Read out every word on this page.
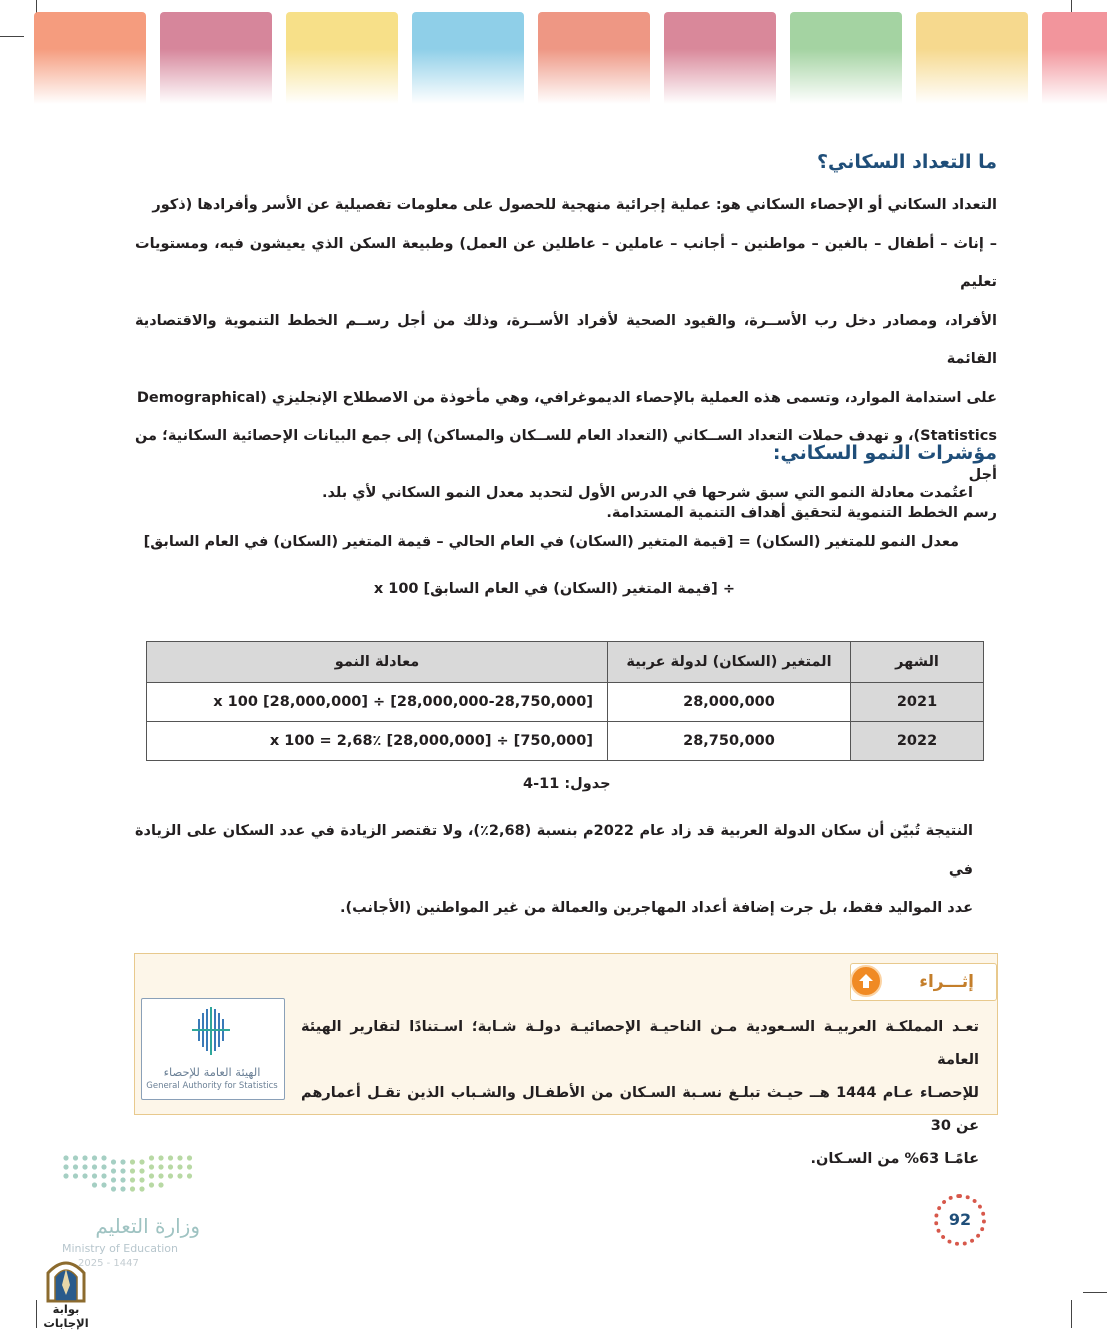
ما التعداد السكاني؟

التعداد السكاني أو الإحصاء السكاني هو: عملية إجرائية منهجية للحصول على معلومات تفصيلية عن الأسر وأفرادها (ذكور
– إناث – أطفال – بالغين – مواطنين – أجانب – عاملين – عاطلين عن العمل) وطبيعة السكن الذي يعيشون فيه، ومستويات تعليم
الأفراد، ومصادر دخل رب الأســرة، والقيود الصحية لأفراد الأســرة، وذلك من أجل رســم الخطط التنموية والاقتصادية القائمة
على استدامة الموارد، وتسمى هذه العملية بالإحصاء الديموغرافي، وهي مأخوذة من الاصطلاح الإنجليزي (Demographical
Statistics)، و تهدف حملات التعداد الســكاني (التعداد العام للســكان والمساكن) إلى جمع البيانات الإحصائية السكانية؛ من أجل
رسم الخطط التنموية لتحقيق أهداف التنمية المستدامة.

مؤشرات النمو السكاني:
اعتُمدت معادلة النمو التي سبق شرحها في الدرس الأول لتحديد معدل النمو السكاني لأي بلد.
معدل النمو للمتغير (السكان) = [قيمة المتغير (السكان) في العام الحالي – قيمة المتغير (السكان) في العام السابق]
÷ [قيمة المتغير (السكان) في العام السابق] x 100
الشهر	المتغير (السكان) لدولة عربية	معادلة النمو
2021	28,000,000	[28,000,000-28,750,000] ÷ [28,000,000] x 100
2022	28,750,000	[750,000] ÷ [28,000,000] x 100 = 2,68٪
جدول: 11-4

النتيجة تُبيّن أن سكان الدولة العربية قد زاد عام 2022م بنسبة (2,68٪)، ولا تقتصر الزيادة في عدد السكان على الزيادة في
عدد المواليد فقط، بل جرت إضافة أعداد المهاجرين والعمالة من غير المواطنين (الأجانب).

إثـــراء

تعـد المملكـة العربيـة السـعودية مـن الناحيـة الإحصائيـة دولـة شـابة؛ اسـتنادًا لتقارير الهيئة العامة
للإحصـاء عـام 1444 هــ حيـث تبلـغ نسـبة السـكان من الأطفـال والشـباب الذين تقـل أعمارهم عن 30
عامًـا 63% من السـكان.

الهيئة العامة للإحصاء
General Authority for Statistics
وزارة التعليم
Ministry of Education
2025 - 1447
بوابة الإجابات
92
